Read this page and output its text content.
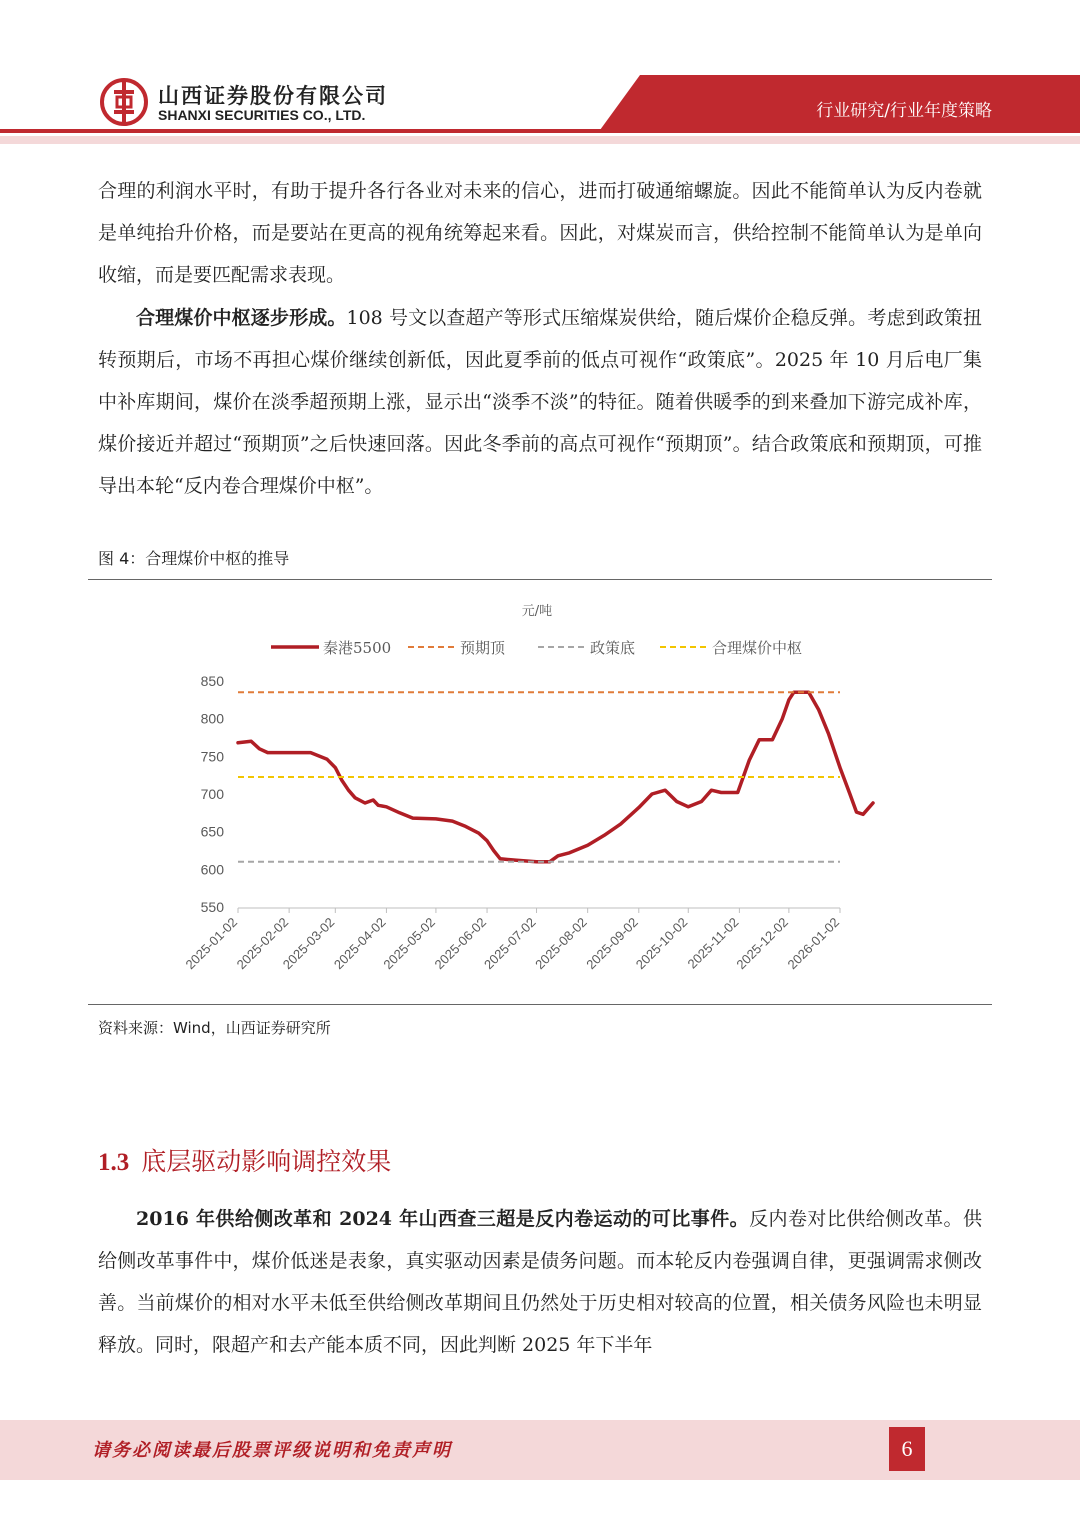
山西证券股份有限公司
SHANXI SECURITIES CO., LTD.	行业研究/行业年度策略
合理的利润水平时，有助于提升各行各业对未来的信心，进而打破通缩螺旋。因此不能简单认为反内卷就是单纯抬升价格，而是要站在更高的视角统筹起来看。因此，对煤炭而言，供给控制不能简单认为是单向收缩，而是要匹配需求表现。
合理煤价中枢逐步形成。108 号文以查超产等形式压缩煤炭供给，随后煤价企稳反弹。考虑到政策扭转预期后，市场不再担心煤价继续创新低，因此夏季前的低点可视作“政策底”。2025 年 10 月后电厂集中补库期间，煤价在淡季超预期上涨，显示出“淡季不淡”的特征。随着供暖季的到来叠加下游完成补库，煤价接近并超过“预期顶”之后快速回落。因此冬季前的高点可视作“预期顶”。结合政策底和预期顶，可推导出本轮“反内卷合理煤价中枢”。
图 4：合理煤价中枢的推导
秦港5500	预期顶	政策底	合理煤价中枢
元/吨
850
800
750
700
650
600
550
2025-01-02
2025-02-02
2025-03-02
2025-04-02
2025-05-02
2025-06-02
2025-07-02
2025-08-02
2025-09-02
2025-10-02
2025-11-02
2025-12-02
2026-01-02
资料来源：Wind，山西证券研究所
1.3 底层驱动影响调控效果
2016 年供给侧改革和 2024 年山西查三超是反内卷运动的可比事件。反内卷对比供给侧改革。供给侧改革事件中，煤价低迷是表象，真实驱动因素是债务问题。而本轮反内卷强调自律，更强调需求侧改善。当前煤价的相对水平未低至供给侧改革期间且仍然处于历史相对较高的位置，相关债务风险也未明显释放。同时，限超产和去产能本质不同，因此判断 2025 年下半年
请务必阅读最后股票评级说明和免责声明	6
